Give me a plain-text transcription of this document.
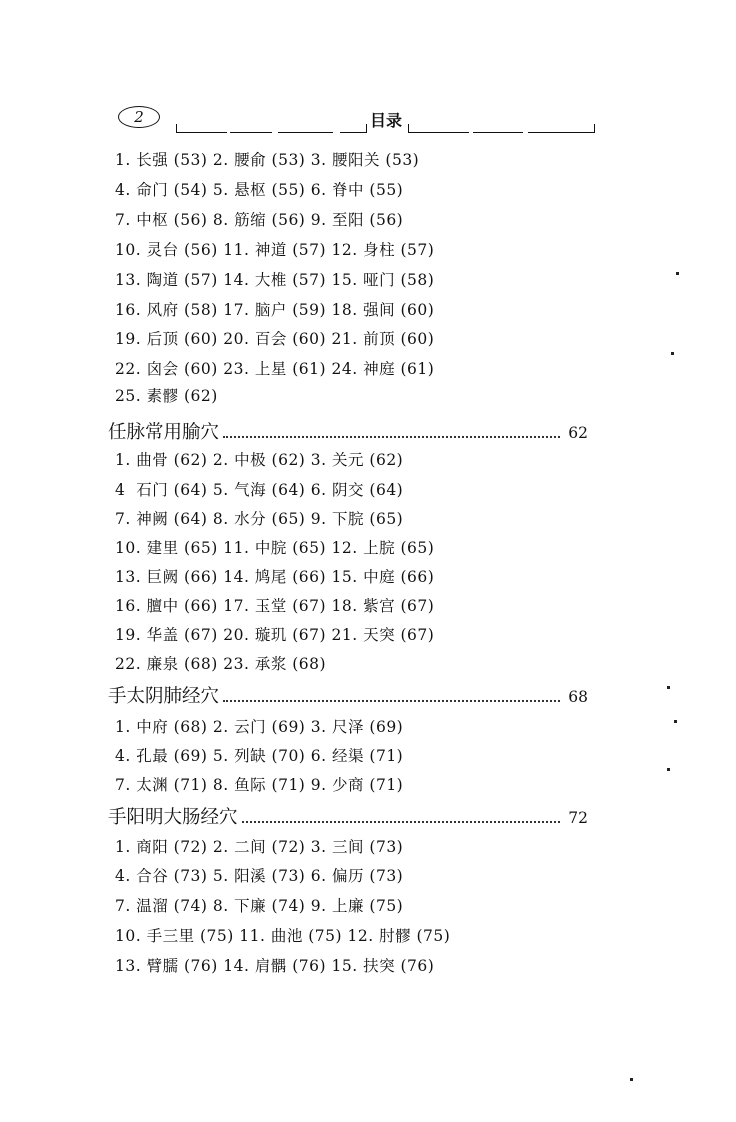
2	目录
1. 长强 (53) 2. 腰俞 (53) 3. 腰阳关 (53)
4. 命门 (54) 5. 悬枢 (55) 6. 脊中 (55)
7. 中枢 (56) 8. 筋缩 (56) 9. 至阳 (56)
10. 灵台 (56) 11. 神道 (57) 12. 身柱 (57)
13. 陶道 (57) 14. 大椎 (57) 15. 哑门 (58)
16. 风府 (58) 17. 脑户 (59) 18. 强间 (60)
19. 后顶 (60) 20. 百会 (60) 21. 前顶 (60)
22. 囟会 (60) 23. 上星 (61) 24. 神庭 (61)
25. 素髎 (62)
任脉常用腧穴	62
1. 曲骨 (62) 2. 中极 (62) 3. 关元 (62)
4  石门 (64) 5. 气海 (64) 6. 阴交 (64)
7. 神阙 (64) 8. 水分 (65) 9. 下脘 (65)
10. 建里 (65) 11. 中脘 (65) 12. 上脘 (65)
13. 巨阙 (66) 14. 鸠尾 (66) 15. 中庭 (66)
16. 膻中 (66) 17. 玉堂 (67) 18. 紫宫 (67)
19. 华盖 (67) 20. 璇玑 (67) 21. 天突 (67)
22. 廉泉 (68) 23. 承浆 (68)
手太阴肺经穴	68
1. 中府 (68) 2. 云门 (69) 3. 尺泽 (69)
4. 孔最 (69) 5. 列缺 (70) 6. 经渠 (71)
7. 太渊 (71) 8. 鱼际 (71) 9. 少商 (71)
手阳明大肠经穴	72
1. 商阳 (72) 2. 二间 (72) 3. 三间 (73)
4. 合谷 (73) 5. 阳溪 (73) 6. 偏历 (73)
7. 温溜 (74) 8. 下廉 (74) 9. 上廉 (75)
10. 手三里 (75) 11. 曲池 (75) 12. 肘髎 (75)
13. 臂臑 (76) 14. 肩髃 (76) 15. 扶突 (76)
